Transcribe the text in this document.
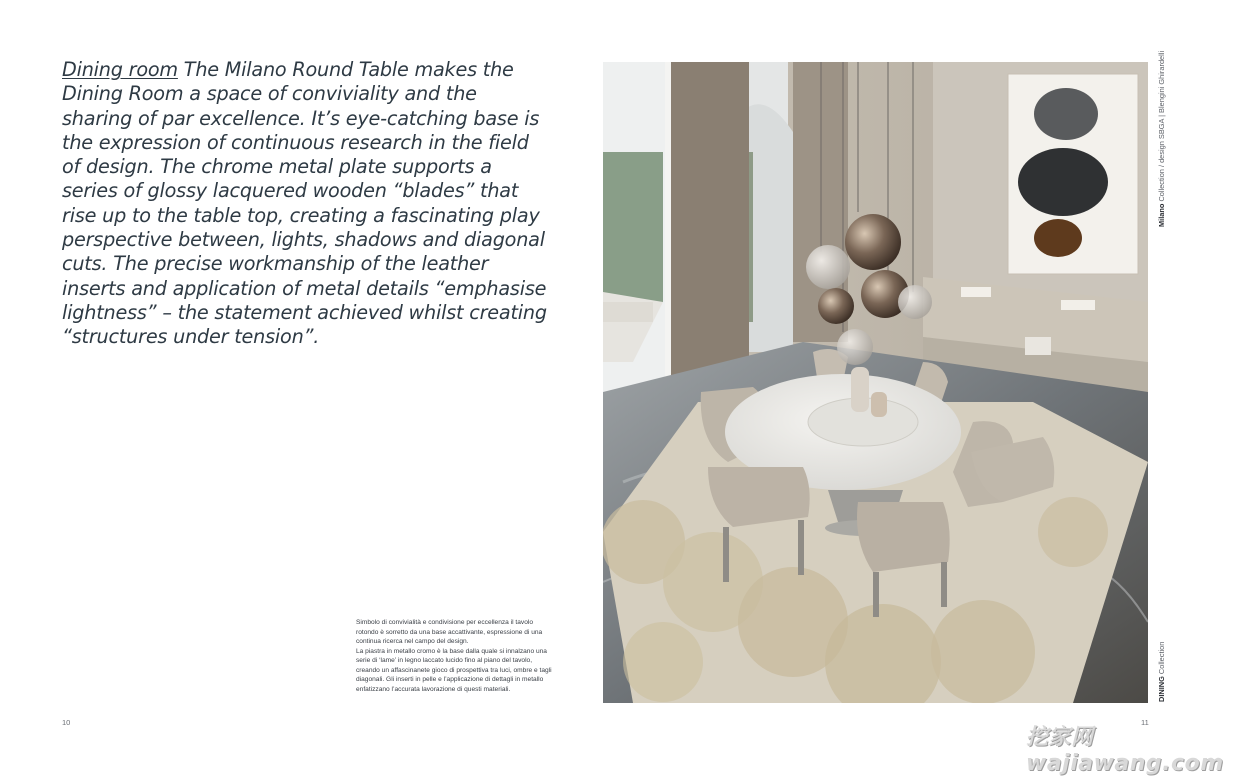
Dining room The Milano Round Table makes the Dining Room a space of conviviality and the sharing of par excellence. It’s eye-catching base is the expression of continuous research in the field of design. The chrome metal plate supports a series of glossy lacquered wooden “blades” that rise up to the table top, creating a fascinating play perspective between, lights, shadows and diagonal cuts. The precise workmanship of the leather inserts and application of metal details “emphasise lightness” – the statement achieved whilst creating “structures under tension”.

Simbolo di convivialità e condivisione per eccellenza il tavolo rotondo è sorretto da una base accattivante, espressione di una continua ricerca nel campo del design.

La piastra in metallo cromo è la base dalla quale si innalzano una serie di ‘lame’ in legno laccato lucido fino al piano del tavolo, creando un affascinanete gioco di prospettiva tra luci, ombre e tagli diagonali. Gli inserti in pelle e l’applicazione di dettagli in metallo enfatizzano l’accurata lavorazione di questi materiali.

10	11
Milano Collection / design SBGA | Blengini Ghirardelli
DINING Collection
挖家网 wajiawang.com
